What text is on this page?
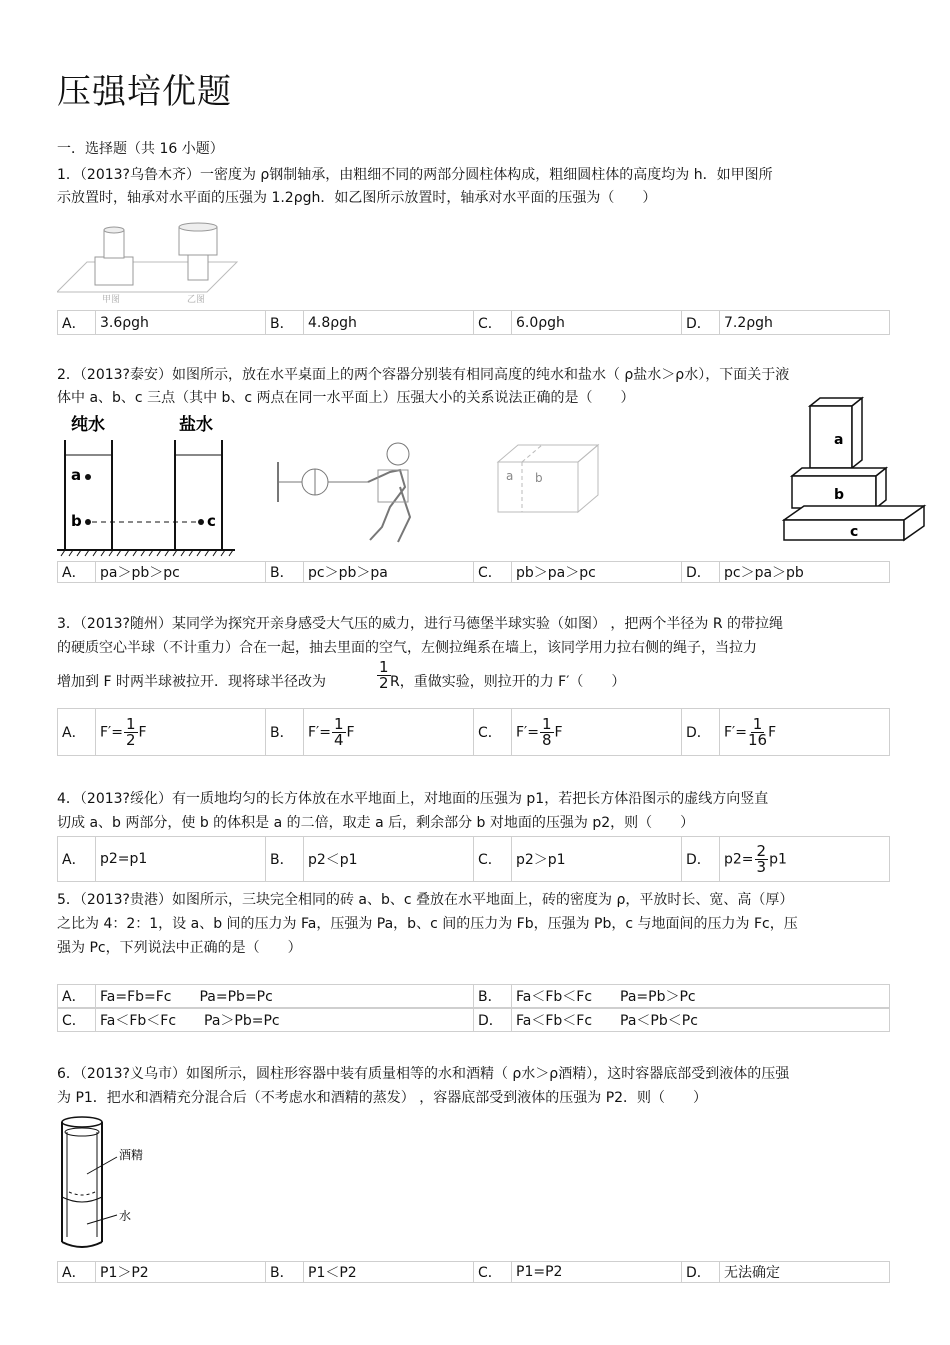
压强培优题
一．选择题（共 16 小题）
1．（2013?乌鲁木齐）一密度为 ρ钢制轴承，由粗细不同的两部分圆柱体构成，粗细圆柱体的高度均为 h．如甲图所
示放置时，轴承对水平面的压强为 1.2ρgh．如乙图所示放置时，轴承对水平面的压强为（　　）
甲图	乙图
A．	3.6ρgh	B．	4.8ρgh	C．	6.0ρgh	D． 7.2ρgh
2．（2013?泰安）如图所示，放在水平桌面上的两个容器分别装有相同高度的纯水和盐水（ ρ盐水＞ρ水），下面关于液
体中 a、b、c 三点（其中 b、c 两点在同一水平面上）压强大小的关系说法正确的是（　　）
纯水	盐水
a
b	c
a b
a
b
c
A．	pa＞pb＞pc	B．	pc＞pb＞pa	C．	pb＞pa＞pc	D． pc＞pa＞pb
3．（2013?随州）某同学为探究开亲身感受大气压的威力，进行马德堡半球实验（如图） ，把两个半径为 R 的带拉绳
的硬质空心半球（不计重力）合在一起，抽去里面的空气，左侧拉绳系在墙上，该同学用力拉右侧的绳子，当拉力
增加到 F 时两半球被拉开．现将球半径改为	$\frac{1}{2}$ R，重做实验，则拉开的力 F′（　　）
A．	$F'= \frac{1}{2}$ F	B．	$F'= \frac{1}{4}$ F	C．	$F'= \frac{1}{8}$ F	D． $F'= \frac{1}{16}$ F
4．（2013?绥化）有一质地均匀的长方体放在水平地面上，对地面的压强为 p1，若把长方体沿图示的虚线方向竖直
切成 a、b 两部分，使 b 的体积是 a 的二倍，取走 a 后，剩余部分 b 对地面的压强为 p2，则（　　）
A．	p2=p1	B．	p2＜p1	C．	p2＞p1	D． $p2= \frac{2}{3} p1$
5．（2013?贵港）如图所示，三块完全相同的砖 a、b、c 叠放在水平地面上，砖的密度为 ρ，平放时长、宽、高（厚）
之比为 4：2：1，设 a、b 间的压力为 Fa，压强为 Pa，b、c 间的压力为 Fb，压强为 Pb，c 与地面间的压力为 Fc，压
强为 Pc，下列说法中正确的是（　　）
A．	Fa=Fb=Fc　　Pa=Pb=Pc	B．	Fa＜Fb＜Fc　　Pa=Pb＞Pc
C．	Fa＜Fb＜Fc　　Pa＞Pb=Pc	D． Fa＜Fb＜Fc　　Pa＜Pb＜Pc
6．（2013?义乌市）如图所示，圆柱形容器中装有质量相等的水和酒精（ ρ水＞ρ酒精），这时容器底部受到液体的压强
为 P1．把水和酒精充分混合后（不考虑水和酒精的蒸发） ，容器底部受到液体的压强为 P2．则（　　）
酒精
水
A．	P1＞P2	B．	P1＜P2	C．	P1=P2	D． 无法确定
